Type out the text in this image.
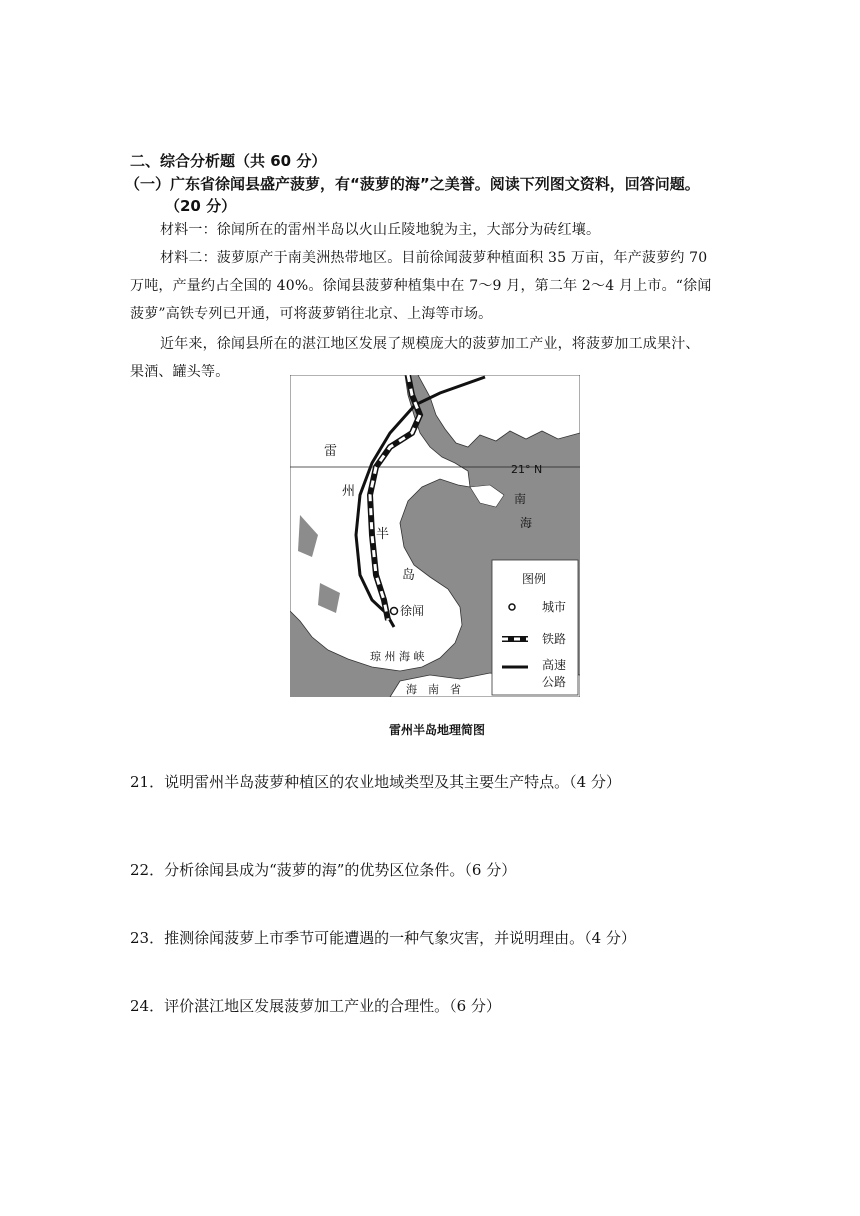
二、综合分析题（共 60 分）
（一）广东省徐闻县盛产菠萝，有“菠萝的海”之美誉。阅读下列图文资料，回答问题。
（20 分）
材料一：徐闻所在的雷州半岛以火山丘陵地貌为主，大部分为砖红壤。
材料二：菠萝原产于南美洲热带地区。目前徐闻菠萝种植面积 35 万亩，年产菠萝约 70
万吨，产量约占全国的 40%。徐闻县菠萝种植集中在 7～9 月，第二年 2～4 月上市。“徐闻
菠萝”高铁专列已开通，可将菠萝销往北京、上海等市场。
近年来，徐闻县所在的湛江地区发展了规模庞大的菠萝加工产业，将菠萝加工成果汁、
果酒、罐头等。
雷
州
半
岛
21° N
南
海
徐闻
琼 州 海 峡
海　南　省
图例
城市
铁路
高速
公路
雷州半岛地理简图
21．说明雷州半岛菠萝种植区的农业地域类型及其主要生产特点。（4 分）
22．分析徐闻县成为“菠萝的海”的优势区位条件。（6 分）
23．推测徐闻菠萝上市季节可能遭遇的一种气象灾害，并说明理由。（4 分）
24．评价湛江地区发展菠萝加工产业的合理性。（6 分）
